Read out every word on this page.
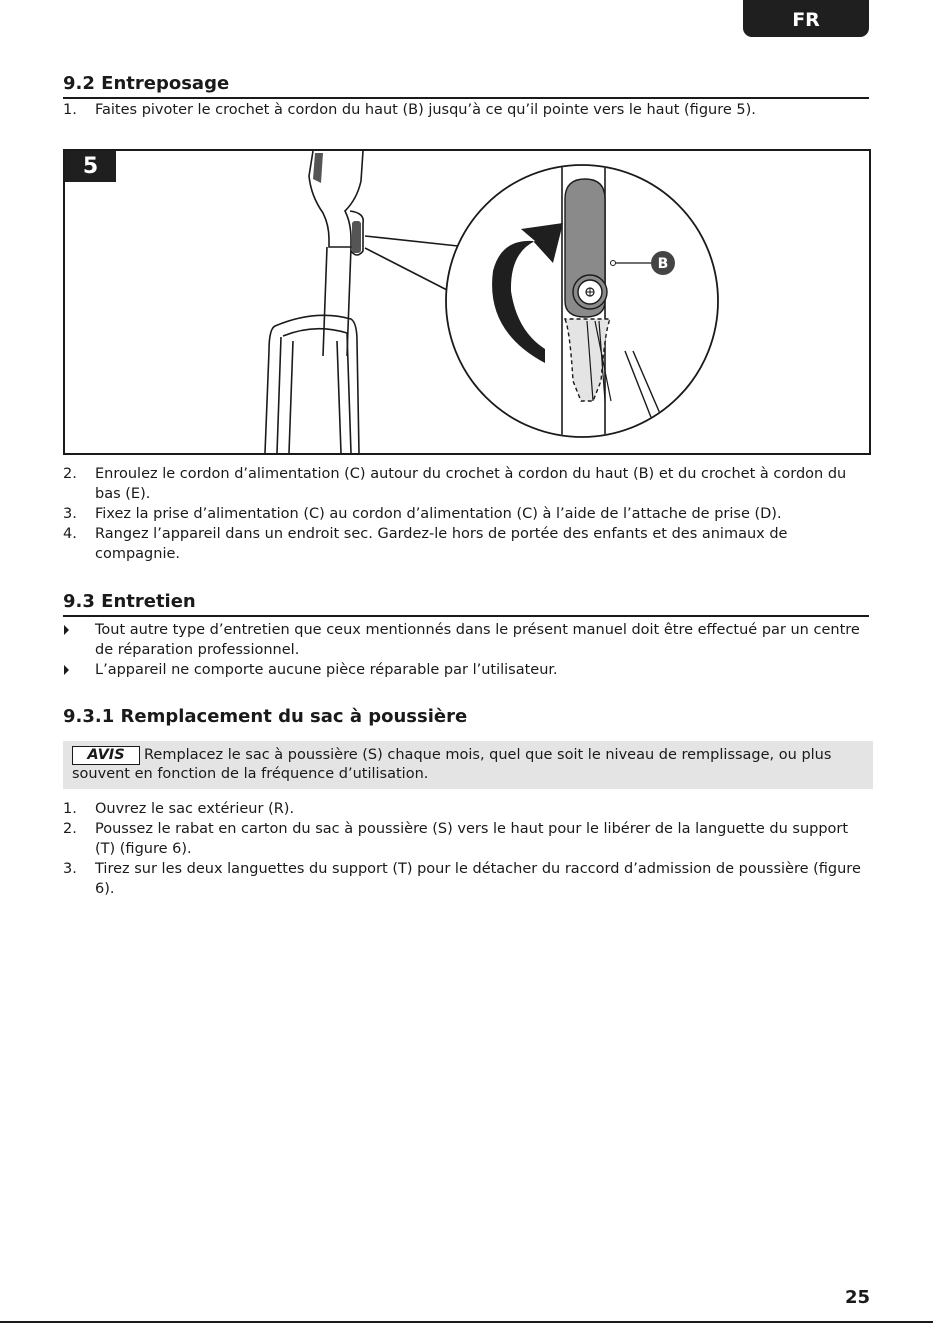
FR
9.2 Entreposage
1. Faites pivoter le crochet à cordon du haut (B) jusqu’à ce qu’il pointe vers le haut (figure 5).
B
5
2. Enroulez le cordon d’alimentation (C) autour du crochet à cordon du haut (B) et du crochet à cordon du bas (E).
3. Fixez la prise d’alimentation (C) au cordon d’alimentation (C) à l’aide de l’attache de prise (D).
4. Rangez l’appareil dans un endroit sec. Gardez-le hors de portée des enfants et des animaux de compagnie.
9.3 Entretien
Tout autre type d’entretien que ceux mentionnés dans le présent manuel doit être effectué par un centre de réparation professionnel.
L’appareil ne comporte aucune pièce réparable par l’utilisateur.
9.3.1 Remplacement du sac à poussière

AVIS Remplacez le sac à poussière (S) chaque mois, quel que soit le niveau de remplissage, ou plus souvent en fonction de la fréquence d’utilisation.

1. Ouvrez le sac extérieur (R).
2. Poussez le rabat en carton du sac à poussière (S) vers le haut pour le libérer de la languette du support (T) (figure 6).
3. Tirez sur les deux languettes du support (T) pour le détacher du raccord d’admission de poussière (figure 6).
25
